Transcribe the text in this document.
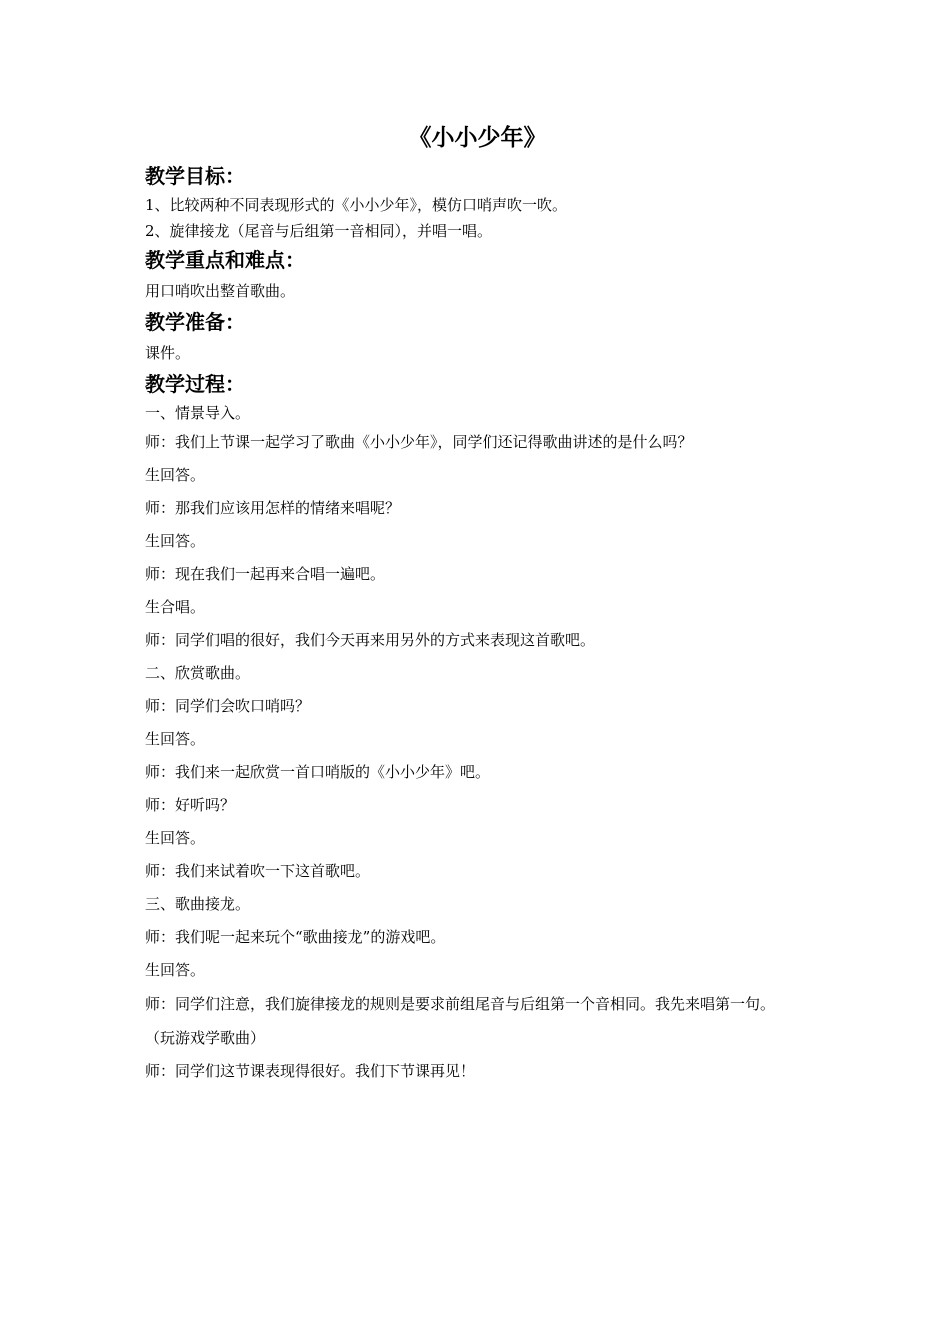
《小小少年》
教学目标：

1、比较两种不同表现形式的《小小少年》，模仿口哨声吹一吹。

2、旋律接龙（尾音与后组第一音相同），并唱一唱。

教学重点和难点：

用口哨吹出整首歌曲。

教学准备：

课件。

教学过程：

一、情景导入。

师：我们上节课一起学习了歌曲《小小少年》，同学们还记得歌曲讲述的是什么吗？

生回答。

师：那我们应该用怎样的情绪来唱呢？

生回答。

师：现在我们一起再来合唱一遍吧。

生合唱。

师：同学们唱的很好，我们今天再来用另外的方式来表现这首歌吧。

二、欣赏歌曲。

师：同学们会吹口哨吗？

生回答。

师：我们来一起欣赏一首口哨版的《小小少年》吧。

师：好听吗？

生回答。

师：我们来试着吹一下这首歌吧。

三、歌曲接龙。

师：我们呢一起来玩个“歌曲接龙”的游戏吧。

生回答。

师：同学们注意，我们旋律接龙的规则是要求前组尾音与后组第一个音相同。我先来唱第一句。

（玩游戏学歌曲）

师：同学们这节课表现得很好。我们下节课再见！
